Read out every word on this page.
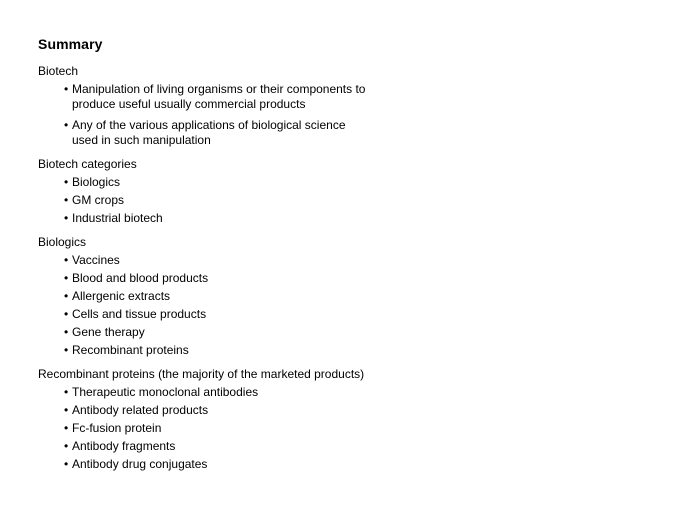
Summary
Biotech
• Manipulation of living organisms or their components to produce useful usually commercial products
• Any of the various applications of biological science used in such manipulation
Biotech categories
• Biologics
• GM crops
• Industrial biotech
Biologics
• Vaccines
• Blood and blood products
• Allergenic extracts
• Cells and tissue products
• Gene therapy
• Recombinant proteins
Recombinant proteins (the majority of the marketed products)
• Therapeutic monoclonal antibodies
• Antibody related products
• Fc-fusion protein
• Antibody fragments
• Antibody drug conjugates
